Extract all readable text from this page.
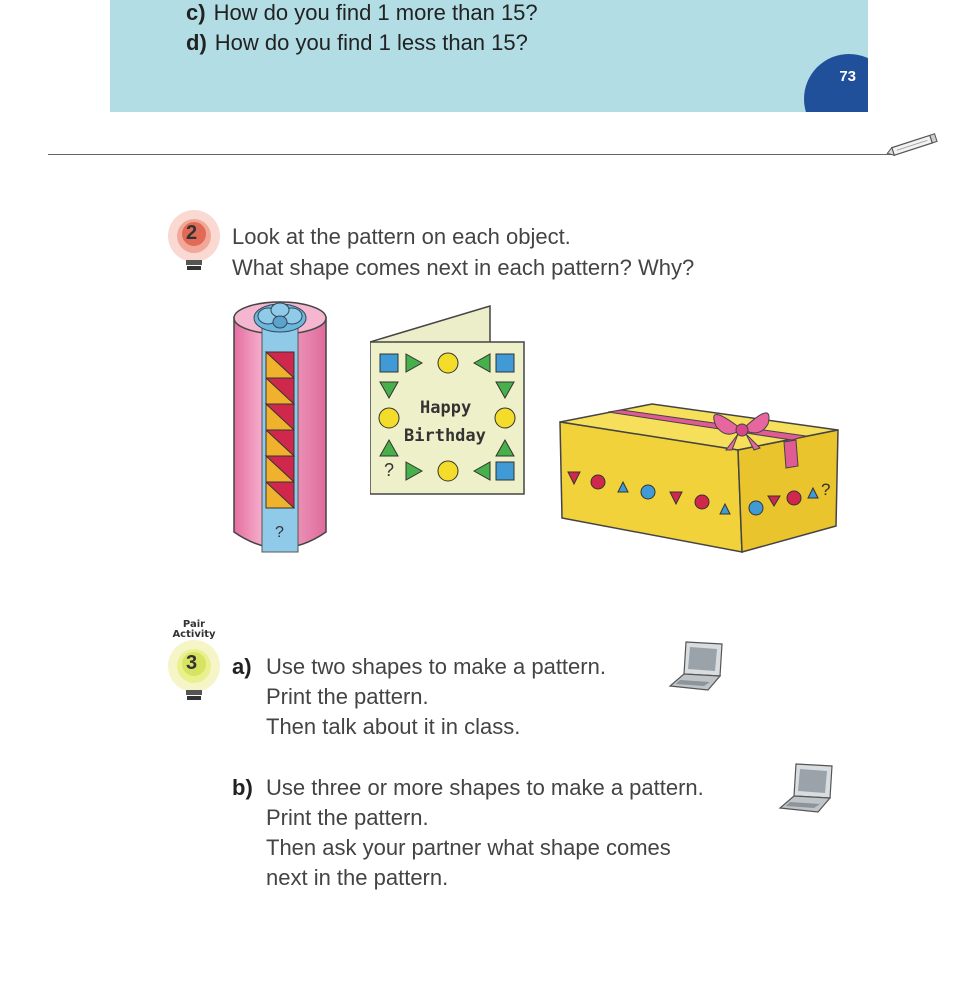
c) How do you find 1 more than 15?
d) How do you find 1 less than 15?
73
2 Look at the pattern on each object.
What shape comes next in each pattern? Why?
?
Happy
Birthday
?
?
Pair
Activity
3 a) Use two shapes to make a pattern.
Print the pattern.
Then talk about it in class.
b) Use three or more shapes to make a pattern.
Print the pattern.
Then ask your partner what shape comes
next in the pattern.
